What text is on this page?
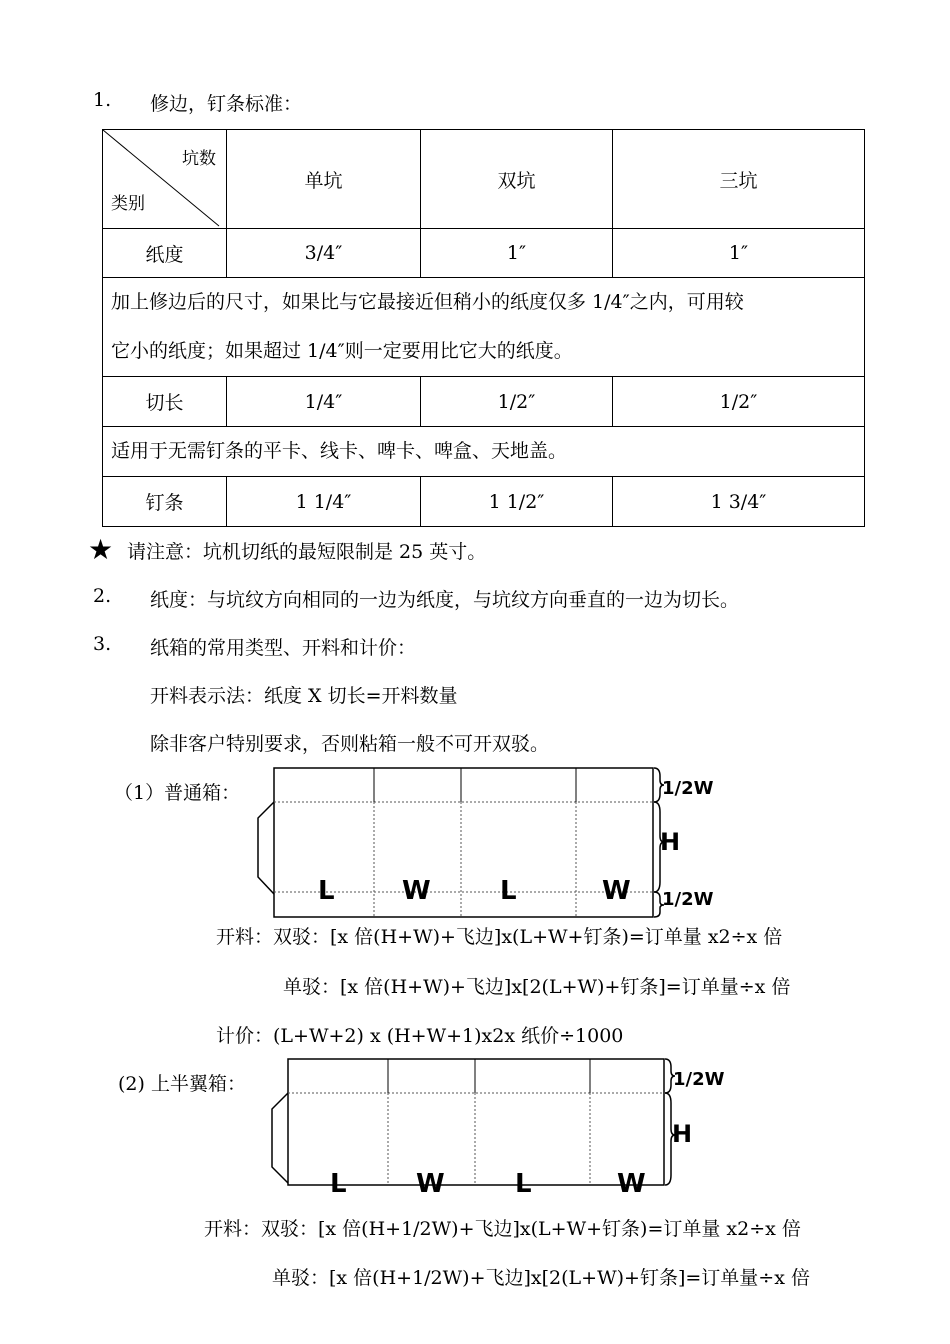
1. 修边，钉条标准：
坑数
类别	单坑	双坑	三坑
纸度	3/4″	1″	1″

加上修边后的尺寸，如果比与它最接近但稍小的纸度仅多 1/4″之内，可用较
它小的纸度；如果超过 1/4″则一定要用比它大的纸度。			

切长	1/4″	1/2″	1/2″
适用于无需钉条的平卡、线卡、啤卡、啤盒、天地盖。			
钉条	1 1/4″	1 1/2″	1 3/4″
★ 请注意：坑机切纸的最短限制是 25 英寸。
2. 纸度：与坑纹方向相同的一边为纸度，与坑纹方向垂直的一边为切长。
3. 纸箱的常用类型、开料和计价：
开料表示法：纸度 X 切长=开料数量
除非客户特别要求，否则粘箱一般不可开双驳。
（1）普通箱：
L	W	L	W
1/2W
H
1/2W
开料：双驳：[x 倍(H+W)+飞边]x(L+W+钉条)=订单量 x2÷x 倍
单驳：[x 倍(H+W)+飞边]x[2(L+W)+钉条]=订单量÷x 倍
计价：(L+W+2) x (H+W+1)x2x 纸价÷1000
(2) 上半翼箱：
L	W	L	W
1/2W
H
开料：双驳：[x 倍(H+1/2W)+飞边]x(L+W+钉条)=订单量 x2÷x 倍
单驳：[x 倍(H+1/2W)+飞边]x[2(L+W)+钉条]=订单量÷x 倍
